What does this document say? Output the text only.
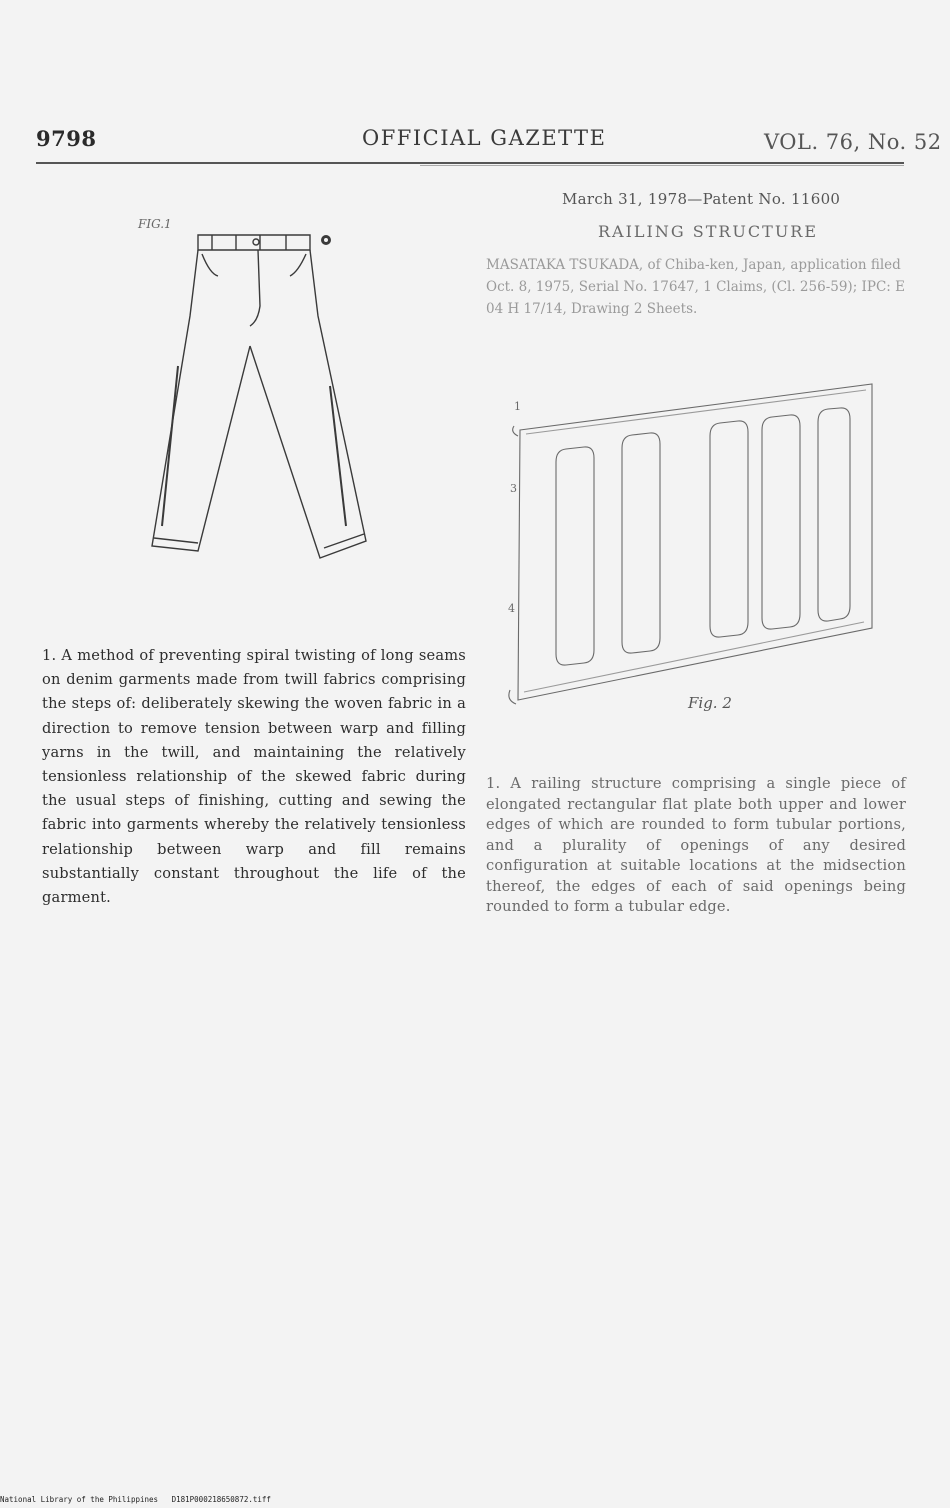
9798	OFFICIAL GAZETTE	VOL. 76, No. 52
FIG.1
1. A method of preventing spiral twisting of long seams on denim garments made from twill fabrics comprising the steps of: deliberately skewing the woven fabric in a direction to remove tension between warp and filling yarns in the twill, and maintaining the relatively tensionless relationship of the skewed fabric during the usual steps of finishing, cutting and sewing the fabric into garments whereby the relatively tensionless relationship between warp and fill remains substantially constant throughout the life of the garment.
March 31, 1978—Patent No. 11600
RAILING STRUCTURE
MASATAKA TSUKADA, of Chiba-ken, Japan, application filed Oct. 8, 1975, Serial No. 17647, 1 Claims, (Cl. 256-59); IPC: E 04 H 17/14, Drawing 2 Sheets.
1
4
3
Fig. 2
1. A railing structure comprising a single piece of elongated rectangular flat plate both upper and lower edges of which are rounded to form tubular portions, and a plurality of openings of any desired configuration at suitable locations at the midsection thereof, the edges of each of said openings being rounded to form a tubular edge.
National Library of the Philippines D181P000218650872.tiff
